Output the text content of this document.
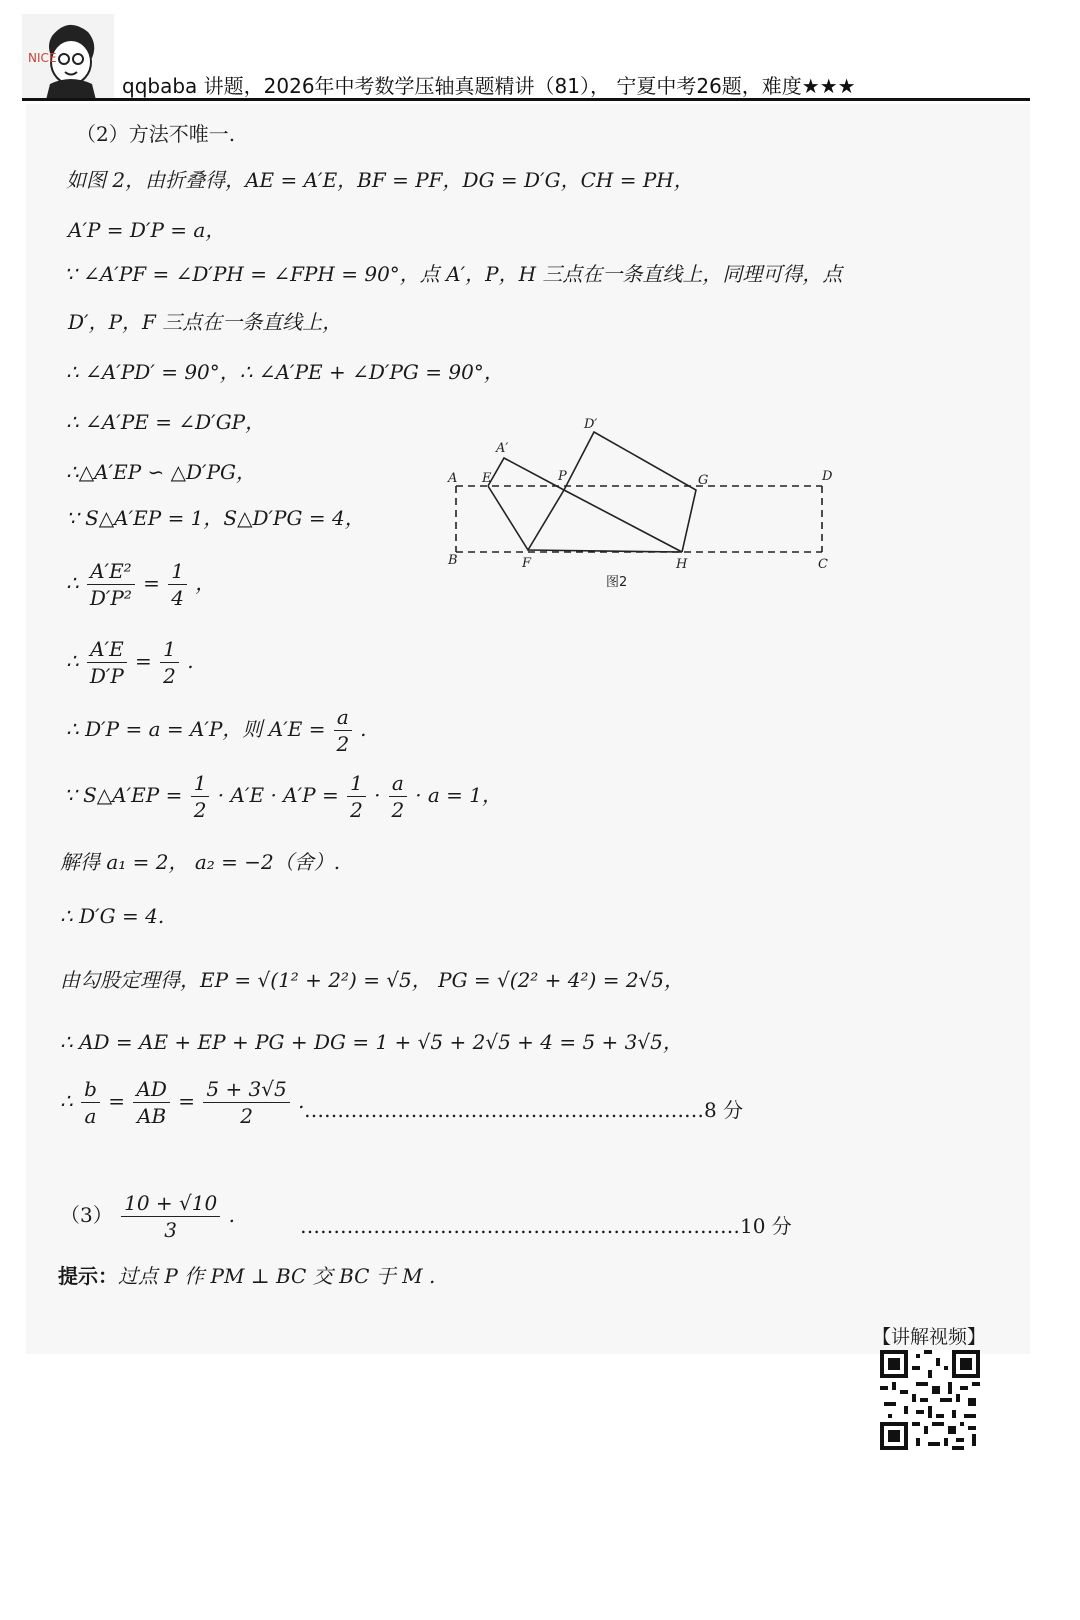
NICE
qqbaba 讲题，2026年中考数学压轴真题精讲（81）， 宁夏中考26题，难度★★★
（2）方法不唯一.
如图 2，由折叠得，AE = A′E，BF = PF，DG = D′G，CH = PH，
A′P = D′P = a，
∵ ∠A′PF = ∠D′PH = ∠FPH = 90°，点 A′，P，H 三点在一条直线上，同理可得，点
D′，P，F 三点在一条直线上，
∴ ∠A′PD′ = 90°，∴ ∠A′PE + ∠D′PG = 90°，
∴ ∠A′PE = ∠D′GP，
∴△A′EP ∽ △D′PG，
∵ S△A′EP = 1，S△D′PG = 4，
∴ $\frac{\text{A′E²}}{\text{D′P²}} = \frac{1}{4}$ ，
∴ $\frac{A'E}{D'P} = \frac{1}{2}$ .
∴ D′P = a = A′P，则 $A'E = \frac{a}{2}$ .
∵ S△A′EP = $\frac{1}{2} \cdot A'E \cdot A'P = \frac{1}{2} \cdot \frac{a}{2} \cdot a = 1$，
解得 a₁ = 2， a₂ = −2（舍）.
∴ D′G = 4.
由勾股定理得，EP = √(1² + 2²) = √5， PG = √(2² + 4²) = 2√5，
∴ AD = AE + EP + PG + DG = 1 + √5 + 2√5 + 4 = 5 + 3√5，
∴ $\frac{b}{a} = \frac{AD}{AB} = \frac{5 + 3√5}{2}$ . ……………………………………………………8 分
$(3) \frac{10 + √10}{3}$ .	…………………………………………………………10 分
提示：过点 P 作 PM ⊥ BC 交 BC 于 M .
A
B	C
D
E
F
G
H
P
A′
D′
图2
【讲解视频】
